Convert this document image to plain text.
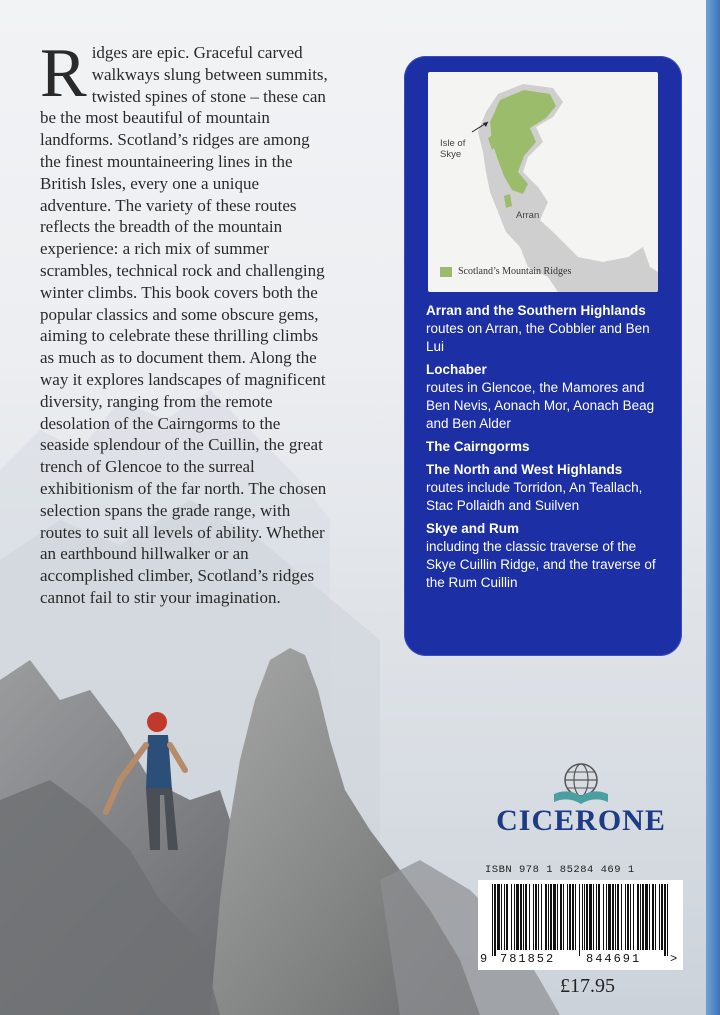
Ridges are epic. Graceful carved walkways slung between summits, twisted spines of stone – these can be the most beautiful of mountain landforms. Scotland’s ridges are among the finest mountaineering lines in the British Isles, every one a unique adventure. The variety of these routes reflects the breadth of the mountain experience: a rich mix of summer scrambles, technical rock and challenging winter climbs. This book covers both the popular classics and some obscure gems, aiming to celebrate these thrilling climbs as much as to document them. Along the way it explores landscapes of magnificent diversity, ranging from the remote desolation of the Cairngorms to the seaside splendour of the Cuillin, the great trench of Glencoe to the surreal exhibitionism of the far north. The chosen selection spans the grade range, with routes to suit all levels of ability. Whether an earthbound hillwalker or an accomplished climber, Scotland’s ridges cannot fail to stir your imagination.

Isle of Skye
Arran
Scotland’s Mountain Ridges
Arran and the Southern Highlands
routes on Arran, the Cobbler and Ben Lui
Lochaber
routes in Glencoe, the Mamores and Ben Nevis, Aonach Mor, Aonach Beag and Ben Alder
The Cairngorms
The North and West Highlands
routes include Torridon, An Teallach, Stac Pollaidh and Suilven
Skye and Rum
including the classic traverse of the Skye Cuillin Ridge, and the traverse of the Rum Cuillin
CICERONE
ISBN 978 1 85284 469 1
9 781852	844691 >
£17.95
